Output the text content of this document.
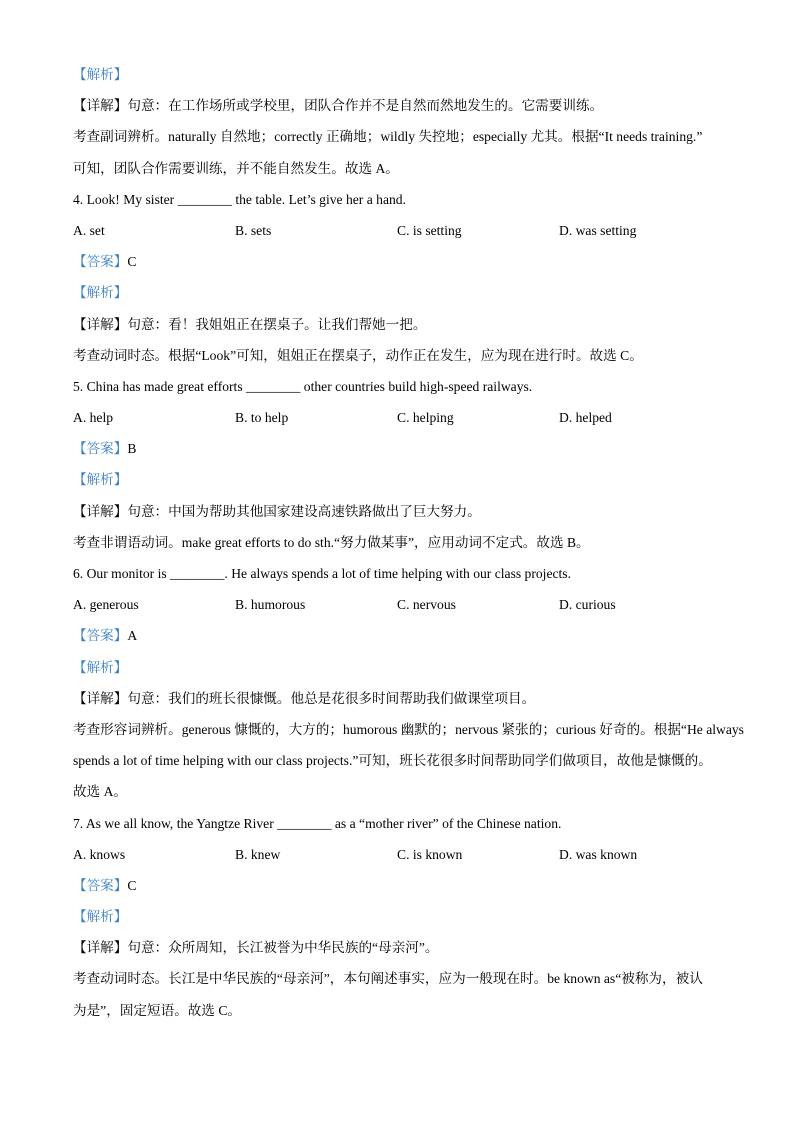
【解析】
【详解】句意：在工作场所或学校里，团队合作并不是自然而然地发生的。它需要训练。
考查副词辨析。naturally 自然地；correctly 正确地；wildly 失控地；especially 尤其。根据“It needs training.”
可知，团队合作需要训练，并不能自然发生。故选 A。
4. Look! My sister ________ the table. Let’s give her a hand.
A. set	B. sets	C. is setting	D. was setting
【答案】C
【解析】
【详解】句意：看！我姐姐正在摆桌子。让我们帮她一把。
考查动词时态。根据“Look”可知，姐姐正在摆桌子，动作正在发生，应为现在进行时。故选 C。
5. China has made great efforts ________ other countries build high-speed railways.
A. help	B. to help	C. helping	D. helped
【答案】B
【解析】
【详解】句意：中国为帮助其他国家建设高速铁路做出了巨大努力。
考查非谓语动词。make great efforts to do sth.“努力做某事”，应用动词不定式。故选 B。
6. Our monitor is ________. He always spends a lot of time helping with our class projects.
A. generous	B. humorous	C. nervous	D. curious
【答案】A
【解析】
【详解】句意：我们的班长很慷慨。他总是花很多时间帮助我们做课堂项目。
考查形容词辨析。generous 慷慨的，大方的；humorous 幽默的；nervous 紧张的；curious 好奇的。根据“He always
spends a lot of time helping with our class projects.”可知，班长花很多时间帮助同学们做项目，故他是慷慨的。
故选 A。
7. As we all know, the Yangtze River ________ as a “mother river” of the Chinese nation.
A. knows	B. knew	C. is known	D. was known
【答案】C
【解析】
【详解】句意：众所周知，长江被誉为中华民族的“母亲河”。
考查动词时态。长江是中华民族的“母亲河”，本句阐述事实，应为一般现在时。be known as“被称为，被认
为是”，固定短语。故选 C。
